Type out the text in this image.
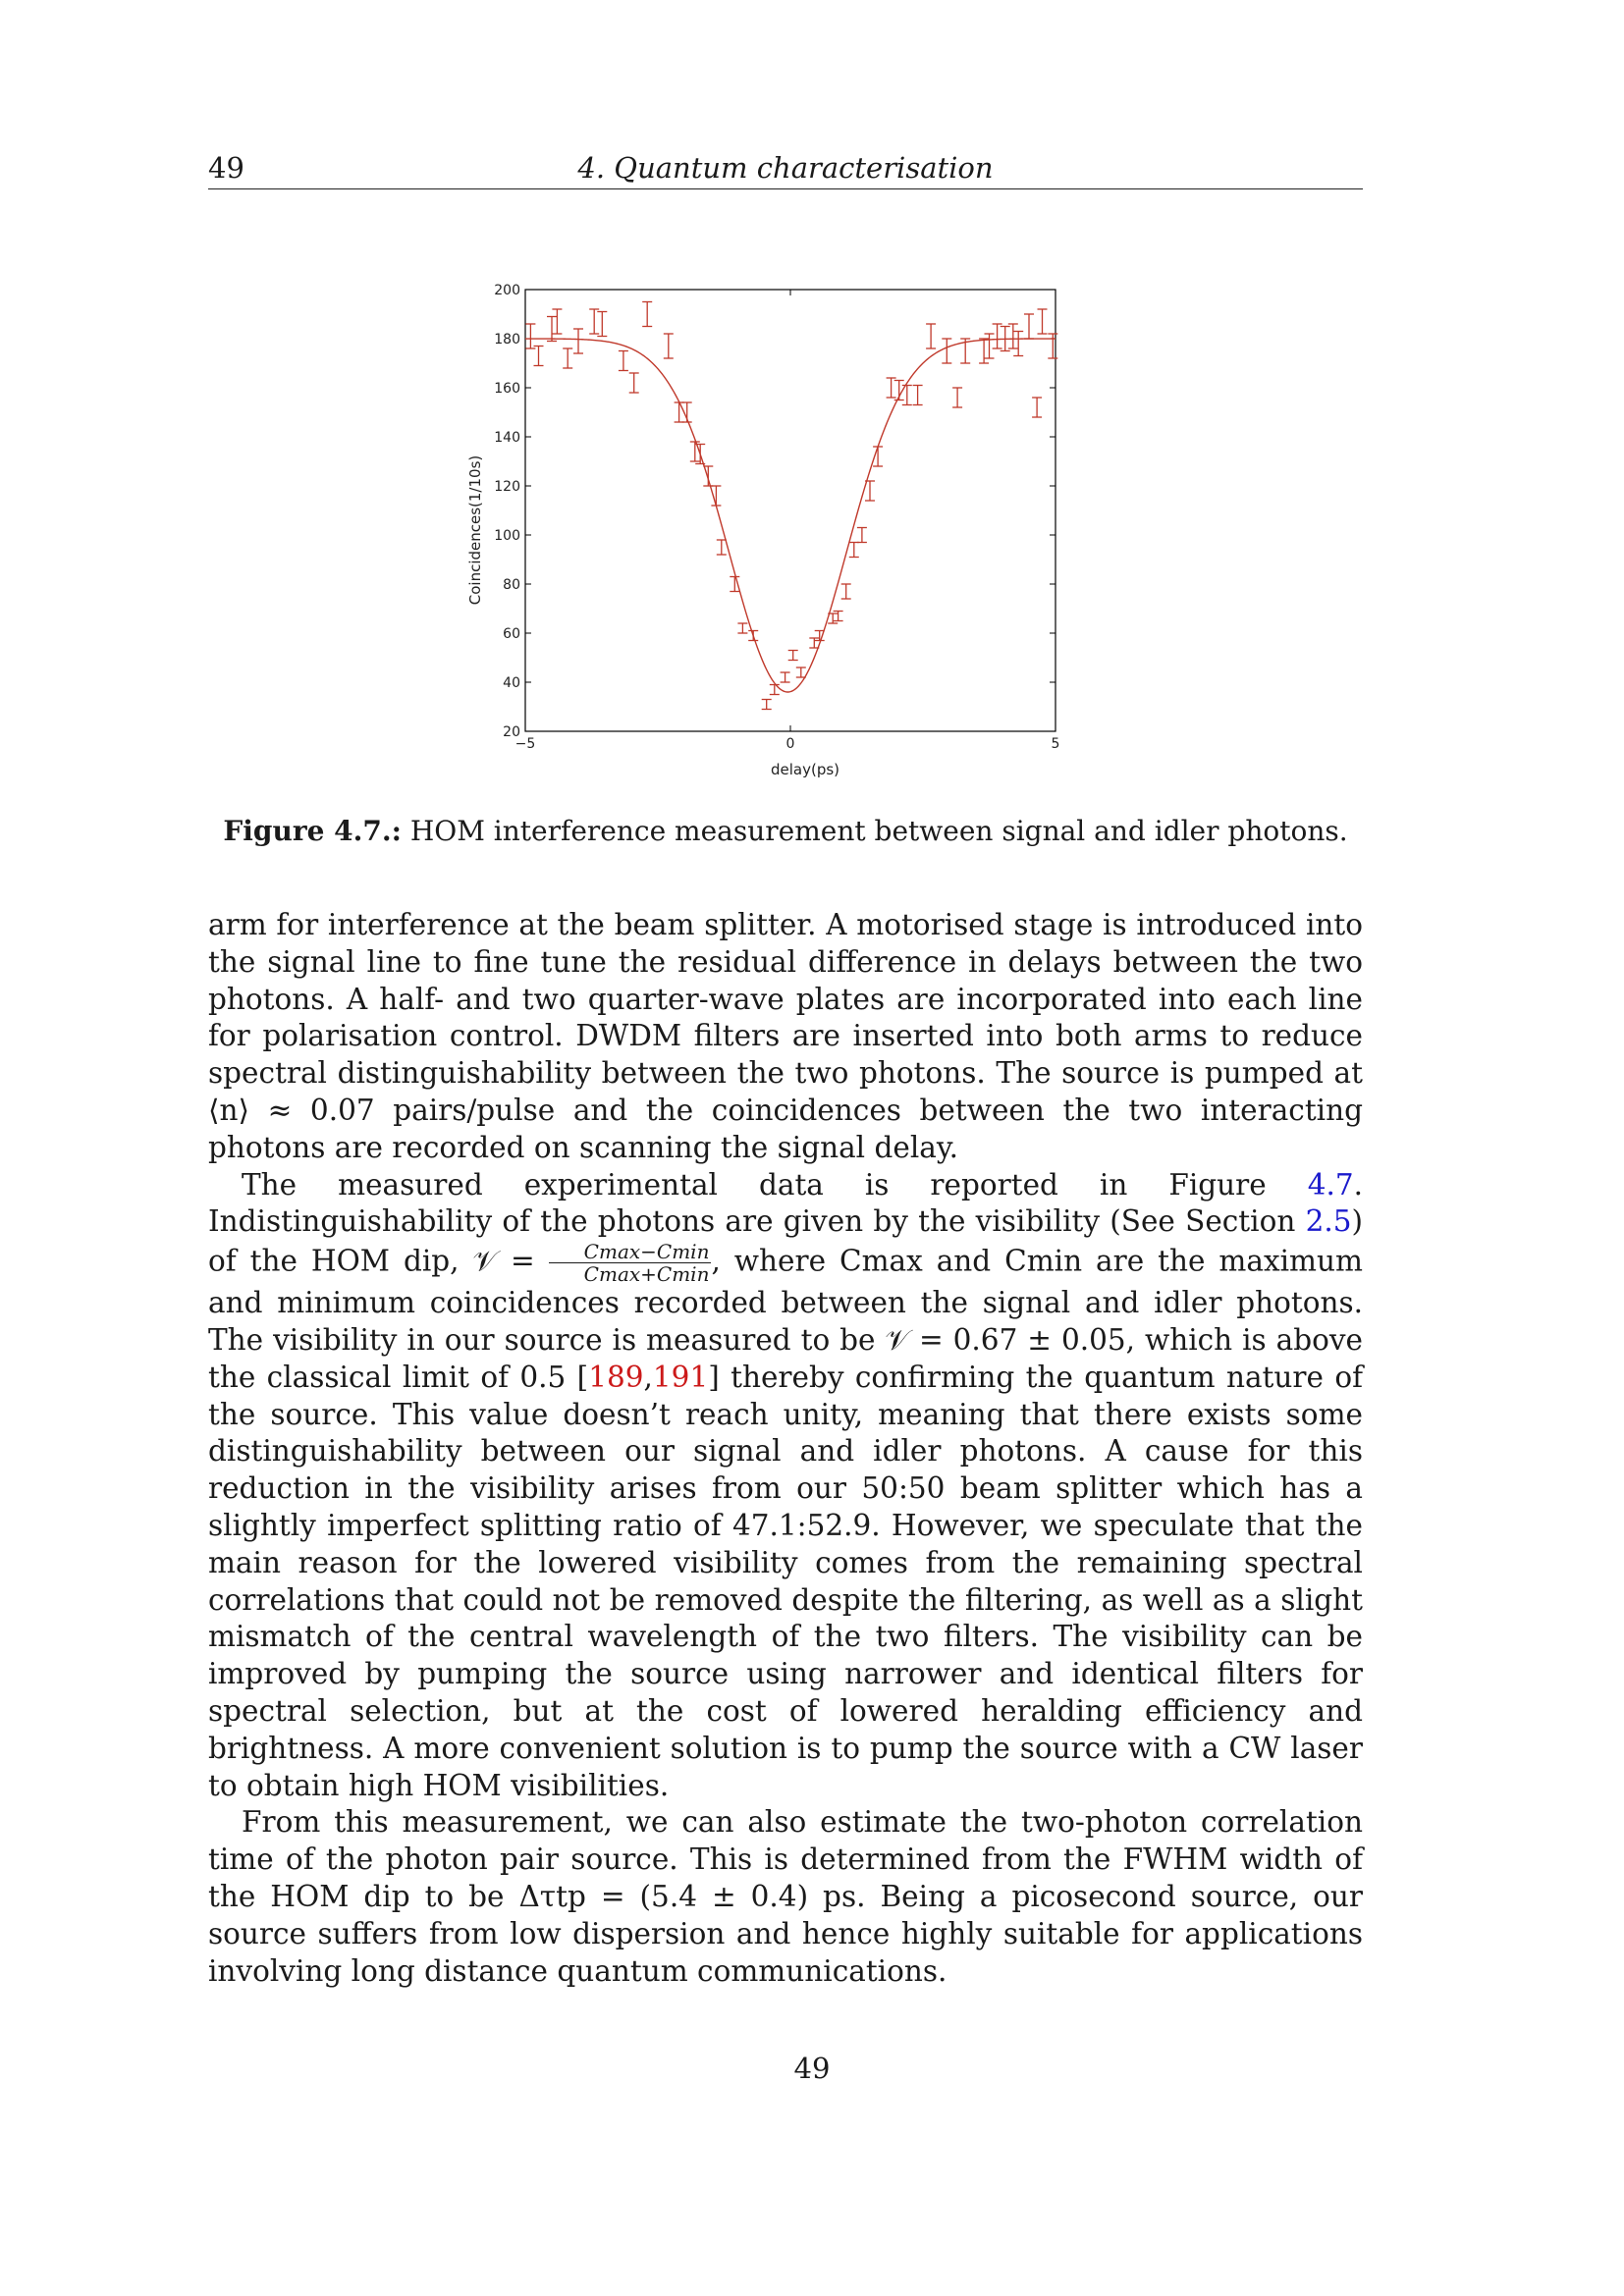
49	4. Quantum characterisation
20
40
60
80
100
120
140
160
180
200
−5	0	5
delay(ps)
Coincidences(1/10s)
Figure 4.7.: HOM interference measurement between signal and idler photons.

arm for interference at the beam splitter. A motorised stage is introduced into the signal line to fine tune the residual difference in delays between the two photons. A half- and two quarter-wave plates are incorporated into each line for polarisation control. DWDM filters are inserted into both arms to reduce spectral distinguishability between the two photons. The source is pumped at ⟨n⟩ ≈ 0.07 pairs/pulse and the coincidences between the two interacting photons are recorded on scanning the signal delay.

The measured experimental data is reported in Figure 4.7. Indistinguishability of the photons are given by the visibility (See Section 2.5) of the HOM dip, 𝒱 = $\frac{Cmax-Cmin}{Cmax+Cmin}$ , where Cmax and Cmin are the maximum and minimum coincidences recorded between the signal and idler photons. The visibility in our source is measured to be 𝒱 = 0.67 ± 0.05, which is above the classical limit of 0.5 [189,191] thereby confirming the quantum nature of the source. This value doesn’t reach unity, meaning that there exists some distinguishability between our signal and idler photons. A cause for this reduction in the visibility arises from our 50:50 beam splitter which has a slightly imperfect splitting ratio of 47.1:52.9. However, we speculate that the main reason for the lowered visibility comes from the remaining spectral correlations that could not be removed despite the filtering, as well as a slight mismatch of the central wavelength of the two filters. The visibility can be improved by pumping the source using narrower and identical filters for spectral selection, but at the cost of lowered heralding efficiency and brightness. A more convenient solution is to pump the source with a CW laser to obtain high HOM visibilities.

From this measurement, we can also estimate the two-photon correlation time of the photon pair source. This is determined from the FWHM width of the HOM dip to be Δτtp = (5.4 ± 0.4) ps. Being a picosecond source, our source suffers from low dispersion and hence highly suitable for applications involving long distance quantum communications.

49
